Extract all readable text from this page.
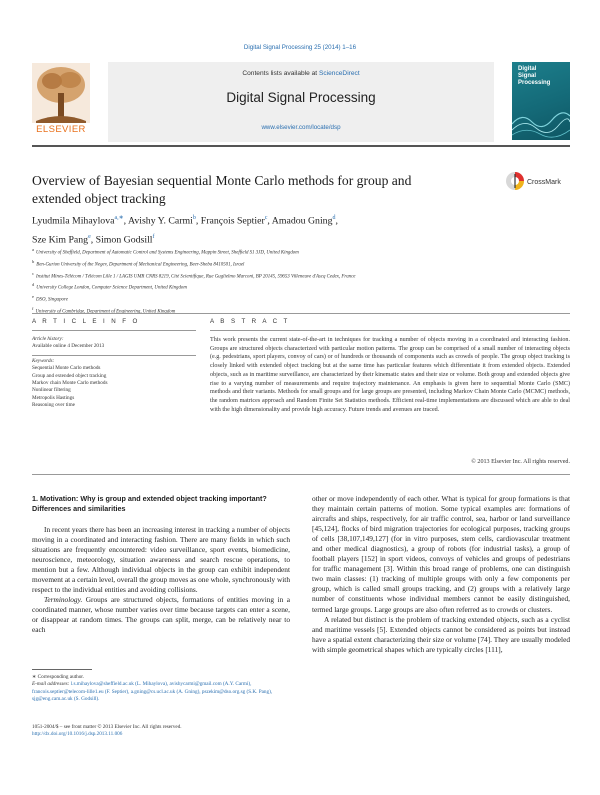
Digital Signal Processing 25 (2014) 1–16
ELSEVIER
Contents lists available at ScienceDirect
Digital Signal Processing
www.elsevier.com/locate/dsp
Digital
Signal
Processing
Overview of Bayesian sequential Monte Carlo methods for group and
extended object tracking
CrossMark
Lyudmila Mihaylova$^{a,∗}$, Avishy Y. Carmi$^b$, François Septier$^c$, Amadou Gning$^d$,
Sze Kim Pang$^e$, Simon Godsill$^f$
aUniversity of Sheffield, Department of Automatic Control and Systems Engineering, Mappin Street, Sheffield S1 3JD, United Kingdom
bBen-Gurion University of the Negev, Department of Mechanical Engineering, Beer-Sheba 8410501, Israel
cInstitut Mines-Télécom / Télécom Lille 1 / LAGIS UMR CNRS 8219, Cité Scientifique, Rue Guglielmo Marconi, BP 20145, 59653 Villeneuve d'Ascq Cedex, France
dUniversity College London, Computer Science Department, United Kingdom
eDSO, Singapore
f
A R T I C L E I N F O	A B S T R A C T
Article history:
Available online 4 December 2013
Keywords:
Sequential Monte Carlo methods
Group and extended object tracking
Markov chain Monte Carlo methods
Nonlinear filtering
Metropolis Hastings
Reasoning over time
This work presents the current state-of-the-art in techniques for tracking a number of objects moving in a coordinated and interacting fashion. Groups are structured objects characterized with particular motion patterns. The group can be comprised of a small number of interacting objects (e.g. pedestrians, sport players, convoy of cars) or of hundreds or thousands of components such as crowds of people. The group object tracking is closely linked with extended object tracking but at the same time has particular features which differentiate it from extended objects. Extended objects, such as in maritime surveillance, are characterized by their kinematic states and their size or volume. Both group and extended objects give rise to a varying number of measurements and require trajectory maintenance. An emphasis is given here to sequential Monte Carlo (SMC) methods and their variants. Methods for small groups and for large groups are presented, including Markov Chain Monte Carlo (MCMC) methods, the random matrices approach and Random Finite Set Statistics methods. Efficient real-time implementations are discussed which are able to deal with the high dimensionality and provide high accuracy. Future trends and avenues are traced.
© 2013 Elsevier Inc. All rights reserved.
1. Motivation: Why is group and extended object tracking important? Differences and similarities

In recent years there has been an increasing interest in tracking a number of objects moving in a coordinated and interacting fashion. There are many fields in which such situations are frequently encountered: video surveillance, sport events, biomedicine, neuroscience, meteorology, situation awareness and search rescue operations, to mention but a few. Although individual objects in the group can exhibit independent movement at a certain level, overall the group moves as one whole, synchronously with respect to the individual entities and avoiding collisions.

Terminology. Groups are structured objects, formations of entities moving in a coordinated manner, whose number varies over time because targets can enter a scene, or disappear at random times. The groups can split, merge, can be relatively near to each

other or move independently of each other. What is typical for group formations is that they maintain certain patterns of motion. Some typical examples are: formations of aircrafts and ships, respectively, for air traffic control, sea, harbor or land surveillance [45,124], flocks of bird migration trajectories for ecological purposes, tracking groups of cells [38,107,149,127] (for in vitro purposes, stem cells, cardiovascular treatment and other medical diagnostics), a group of robots (for industrial tasks), a group of football players [152] in sport videos, convoys of vehicles and groups of pedestrians for traffic management [3]. Within this broad range of problems, one can distinguish two main classes: (1) tracking of multiple groups with only a few components per group, which is called small groups tracking, and (2) groups with a relatively large number of constituents whose individual members cannot be easily distinguished, termed large groups. Large groups are also often referred as to crowds or clusters.

A related but distinct is the problem of tracking extended objects, such as a cyclist and maritime vessels [5]. Extended objects cannot be considered as points but instead have a spatial extent characterizing their size or volume [74]. They are usually modeled with simple geometrical shapes which are typically circles [111],

∗ Corresponding author.
E-mail addresses: l.s.mihaylova@sheffield.ac.uk (L. Mihaylova), avishycarmi@gmail.com (A.Y. Carmi), francois.septier@telecom-lille1.eu (F. Septier), a.gning@cs.ucl.ac.uk (A. Gning), pszekim@dso.org.sg (S.K. Pang), sjg@eng.cam.ac.uk (S. Godsill).
1051-2004/$ – see front matter © 2013 Elsevier Inc. All rights reserved.
http://dx.doi.org/10.1016/j.dsp.2013.11.006
